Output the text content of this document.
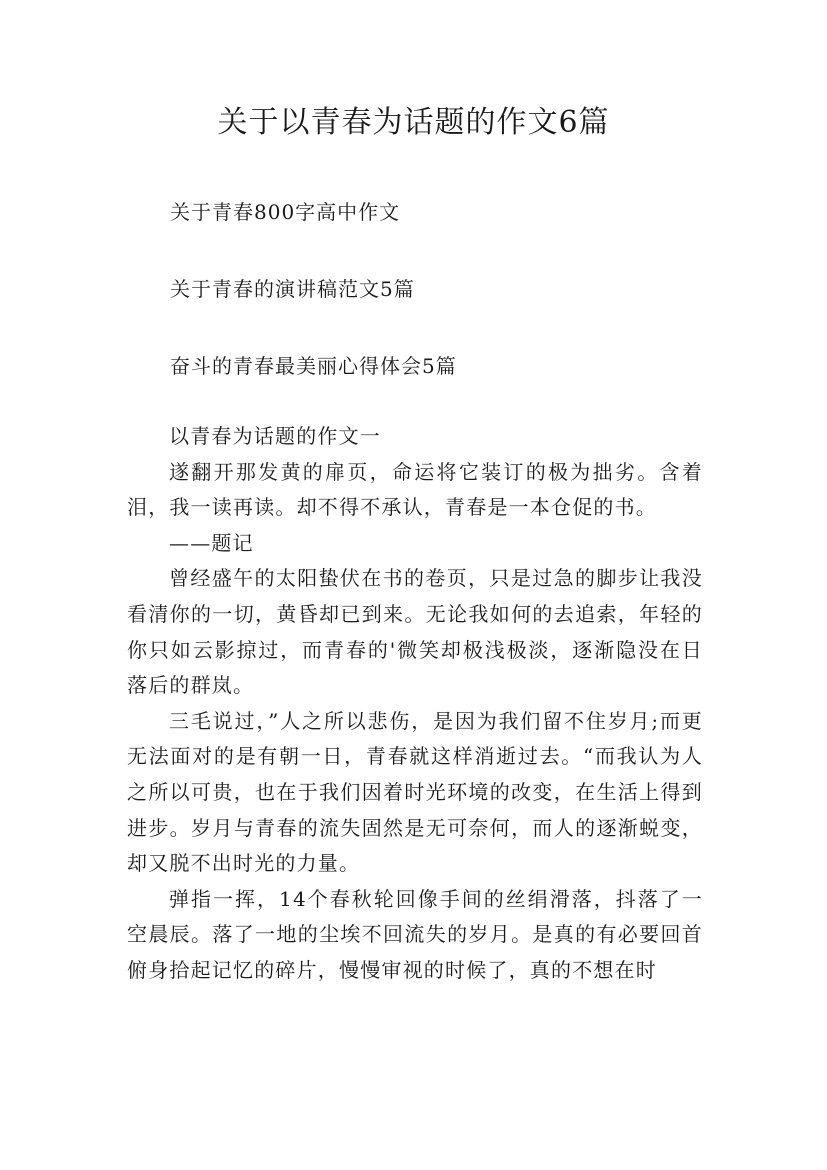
关于以青春为话题的作文6篇

关于青春800字高中作文

关于青春的演讲稿范文5篇

奋斗的青春最美丽心得体会5篇

以青春为话题的作文一

遂翻开那发黄的扉页，命运将它装订的极为拙劣。含着泪，我一读再读。却不得不承认，青春是一本仓促的书。

——题记

曾经盛午的太阳蛰伏在书的卷页，只是过急的脚步让我没看清你的一切，黄昏却已到来。无论我如何的去追索，年轻的你只如云影掠过，而青春的'微笑却极浅极淡，逐渐隐没在日落后的群岚。

三毛说过，”人之所以悲伤，是因为我们留不住岁月;而更无法面对的是有朝一日，青春就这样消逝过去。“而我认为人之所以可贵，也在于我们因着时光环境的改变，在生活上得到进步。岁月与青春的流失固然是无可奈何，而人的逐渐蜕变，却又脱不出时光的力量。

弹指一挥，14个春秋轮回像手间的丝绢滑落，抖落了一空晨辰。落了一地的尘埃不回流失的岁月。是真的有必要回首俯身拾起记忆的碎片，慢慢审视的时候了，真的不想在时
